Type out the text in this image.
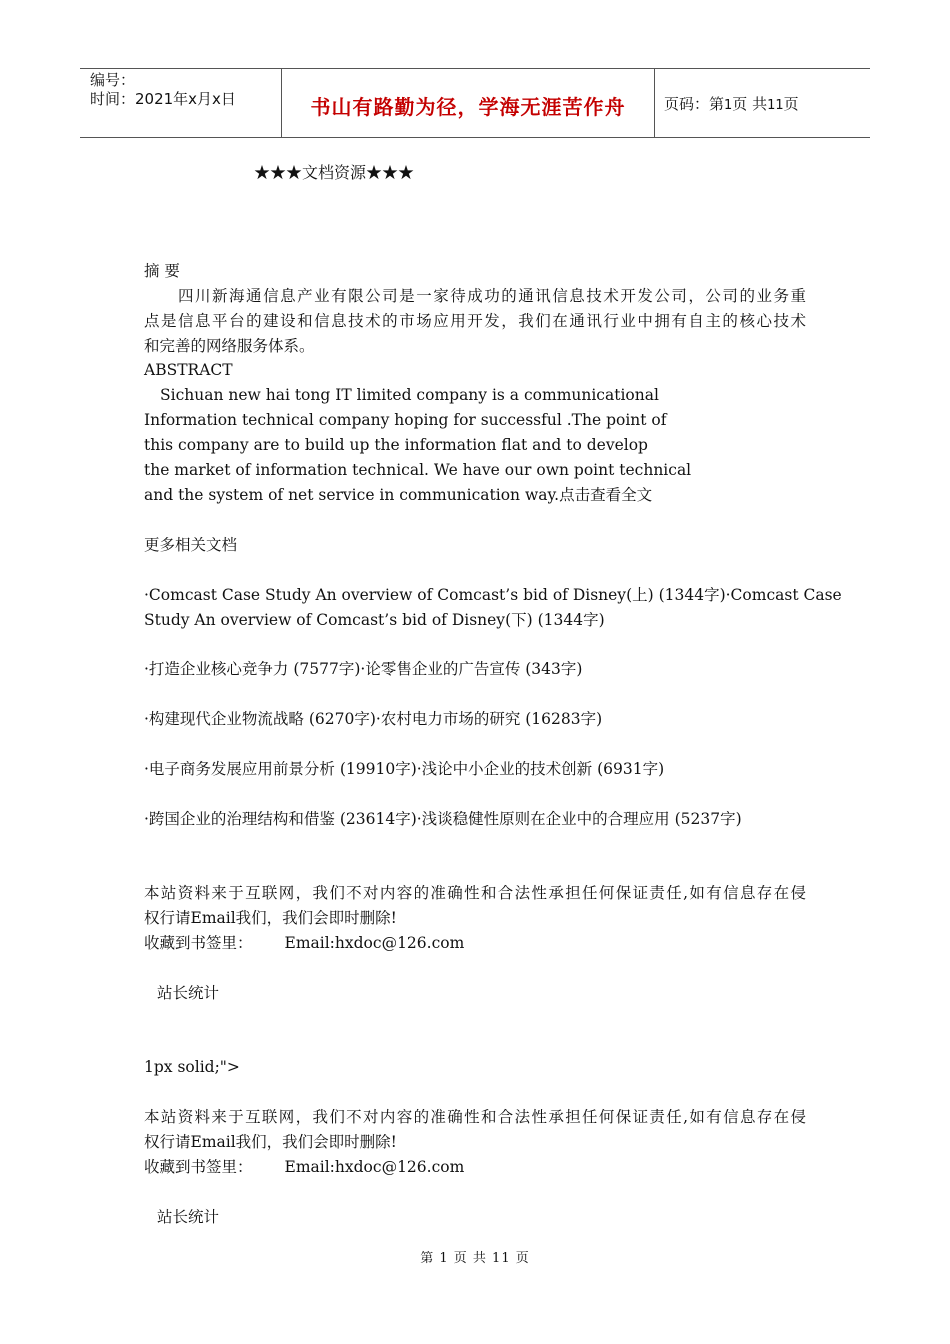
编号：
时间：2021年x月x日	书山有路勤为径，学海无涯苦作舟	页码：第1页 共11页
★★★文档资源★★★
摘 要
四川新海通信息产业有限公司是一家待成功的通讯信息技术开发公司，公司的业务重
点是信息平台的建设和信息技术的市场应用开发，我们在通讯行业中拥有自主的核心技术
和完善的网络服务体系。
ABSTRACT
Sichuan new hai tong IT limited company is a communicational
Information technical company hoping for successful .The point of
this company are to build up the information flat and to develop
the market of information technical. We have our own point technical
and the system of net service in communication way.点击查看全文
更多相关文档
·Comcast Case Study An overview of Comcast’s bid of Disney(上) (1344字)·Comcast Case
Study An overview of Comcast’s bid of Disney(下) (1344字)
·打造企业核心竞争力 (7577字)·论零售企业的广告宣传 (343字)
·构建现代企业物流战略 (6270字)·农村电力市场的研究 (16283字)
·电子商务发展应用前景分析 (19910字)·浅论中小企业的技术创新 (6931字)
·跨国企业的治理结构和借鉴 (23614字)·浅谈稳健性原则在企业中的合理应用 (5237字)
本站资料来于互联网，我们不对内容的准确性和合法性承担任何保证责任,如有信息存在侵
权行请Email我们，我们会即时删除!
收藏到书签里： Email:hxdoc@126.com
站长统计
1px solid;">
本站资料来于互联网，我们不对内容的准确性和合法性承担任何保证责任,如有信息存在侵
权行请Email我们，我们会即时删除!
收藏到书签里： Email:hxdoc@126.com
站长统计
第 1 页 共 11 页
